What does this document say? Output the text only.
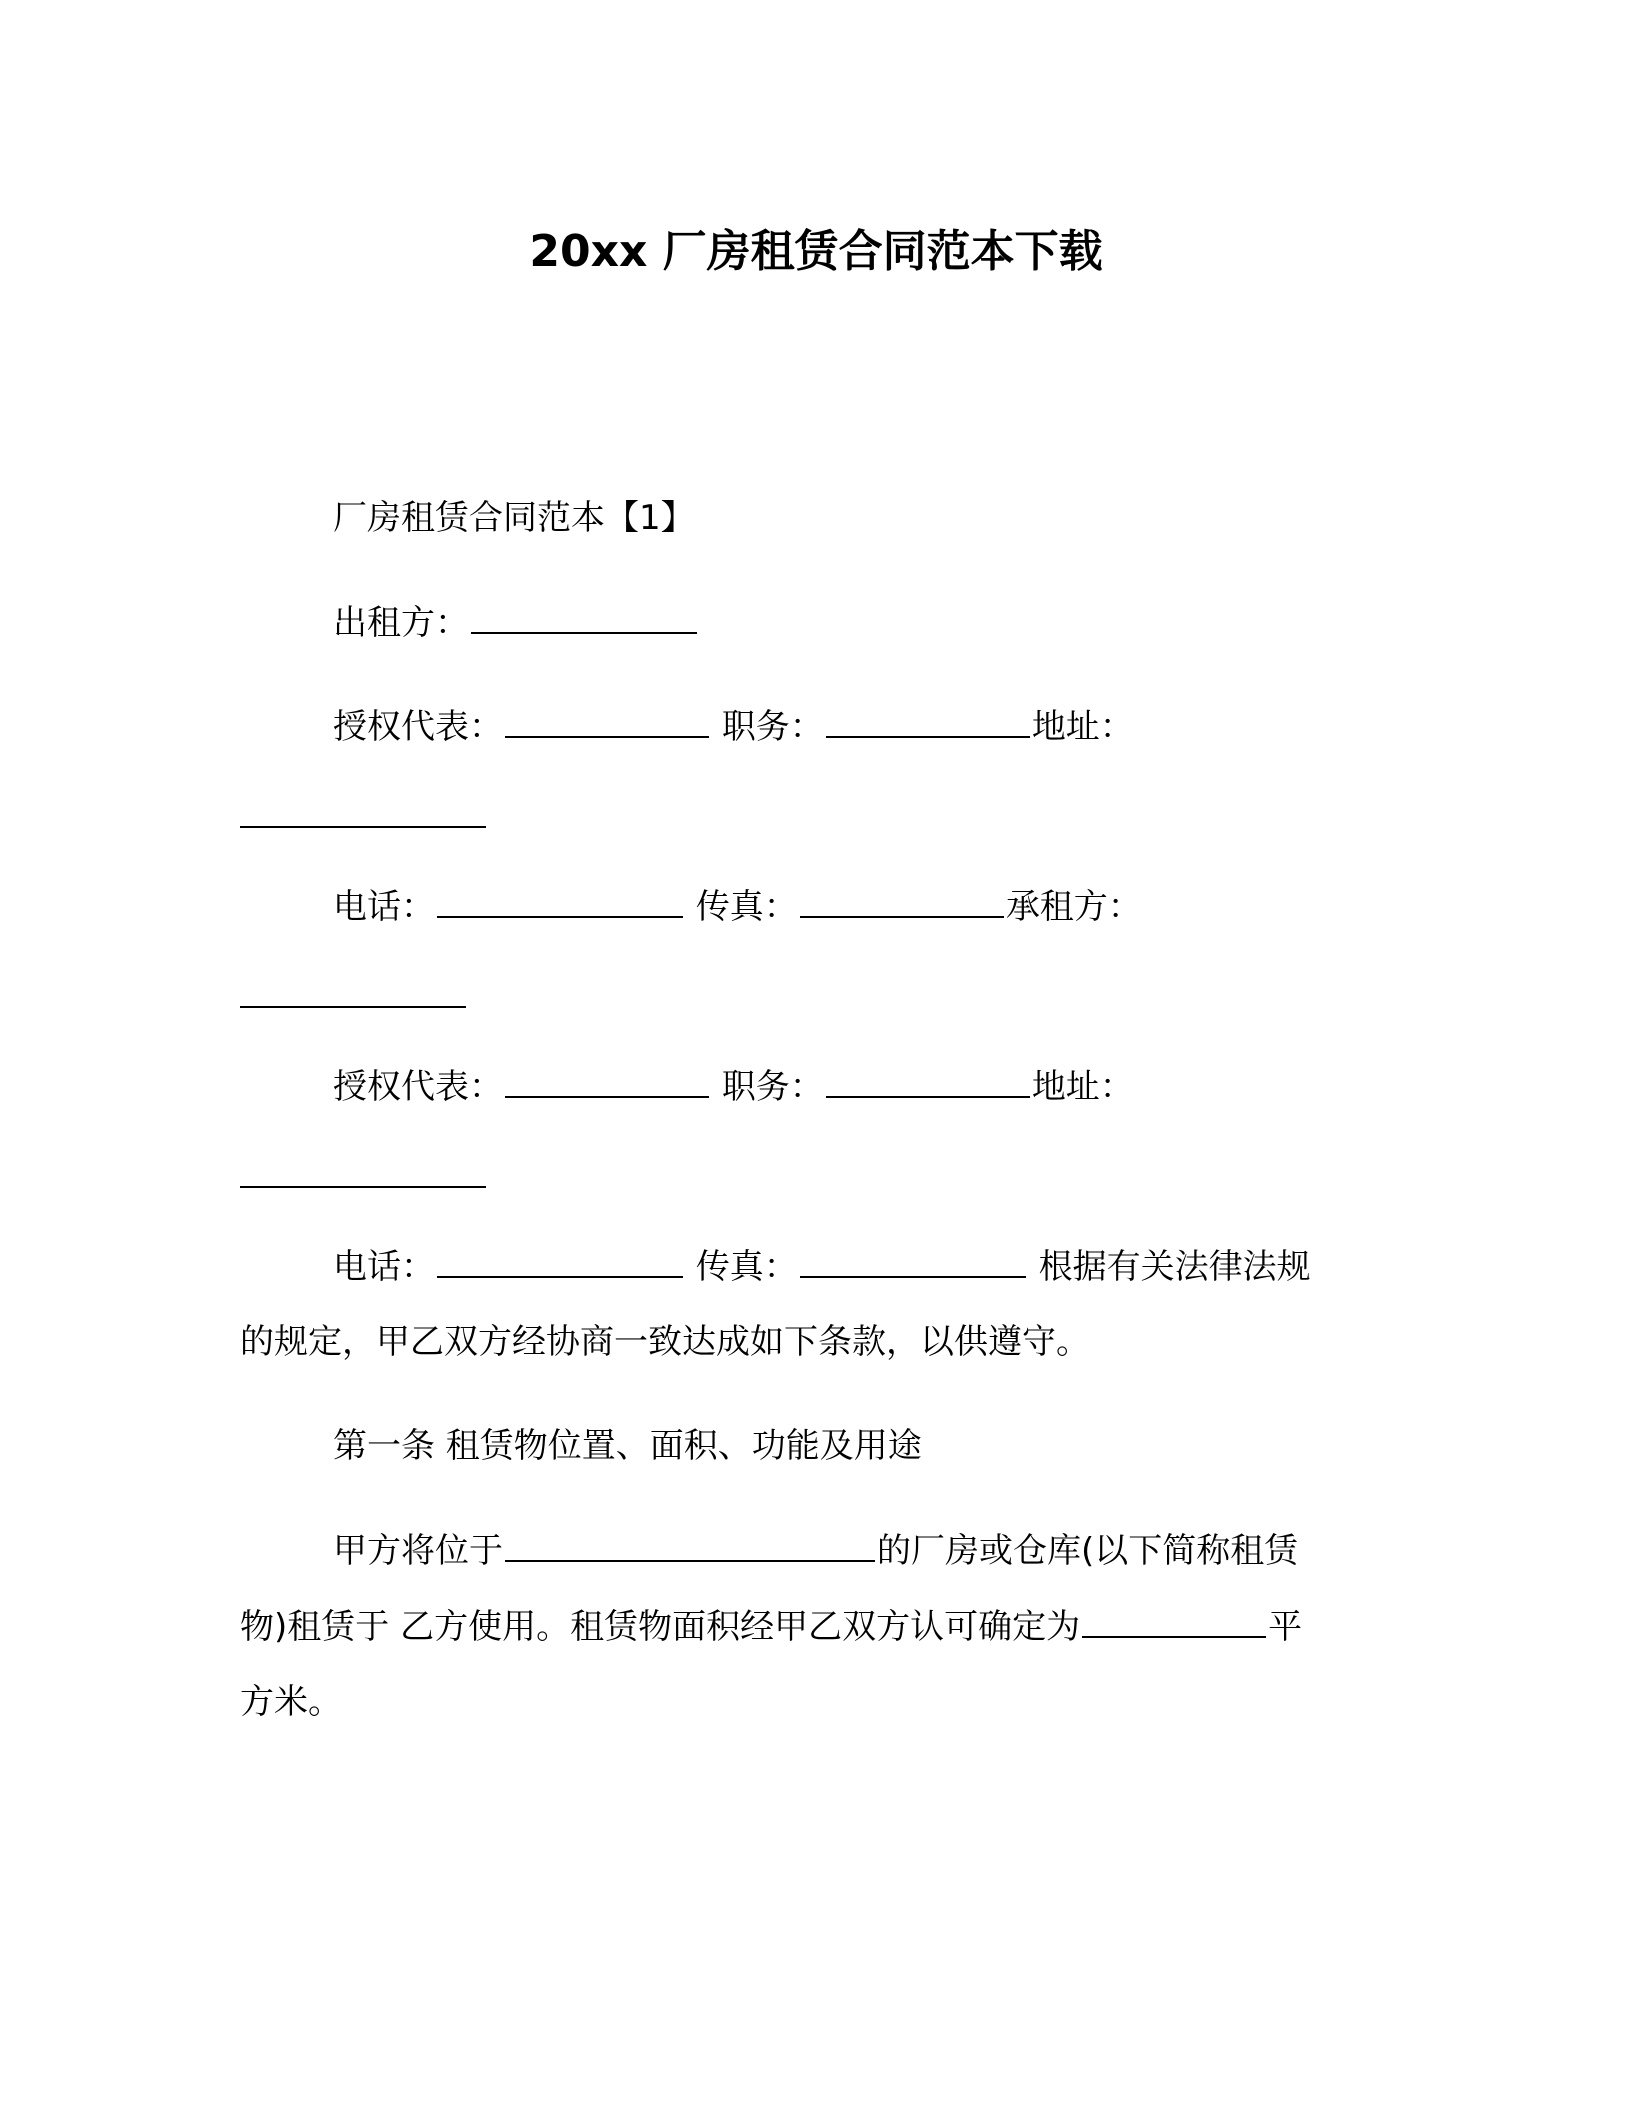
20xx 厂房租赁合同范本下载
厂房租赁合同范本【1】
出租方：
授权代表：	职务：	地址：
电话：	传真：	承租方：
授权代表：	职务：	地址：
电话：	传真：	根据有关法律法规
的规定，甲乙双方经协商一致达成如下条款，以供遵守。
第一条 租赁物位置、面积、功能及用途
甲方将位于	的厂房或仓库(以下简称租赁
物)租赁于 乙方使用。租赁物面积经甲乙双方认可确定为	平
方米。
